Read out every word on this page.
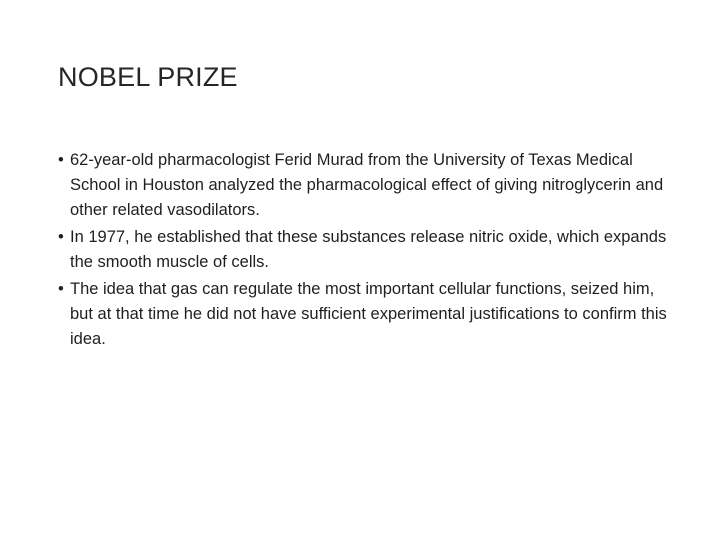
NOBEL PRIZE
• 62-year-old pharmacologist Ferid Murad from the University of Texas Medical School in Houston analyzed the pharmacological effect of giving nitroglycerin and other related vasodilators.
• In 1977, he established that these substances release nitric oxide, which expands the smooth muscle of cells.
• The idea that gas can regulate the most important cellular functions, seized him, but at that time he did not have sufficient experimental justifications to confirm this idea.
